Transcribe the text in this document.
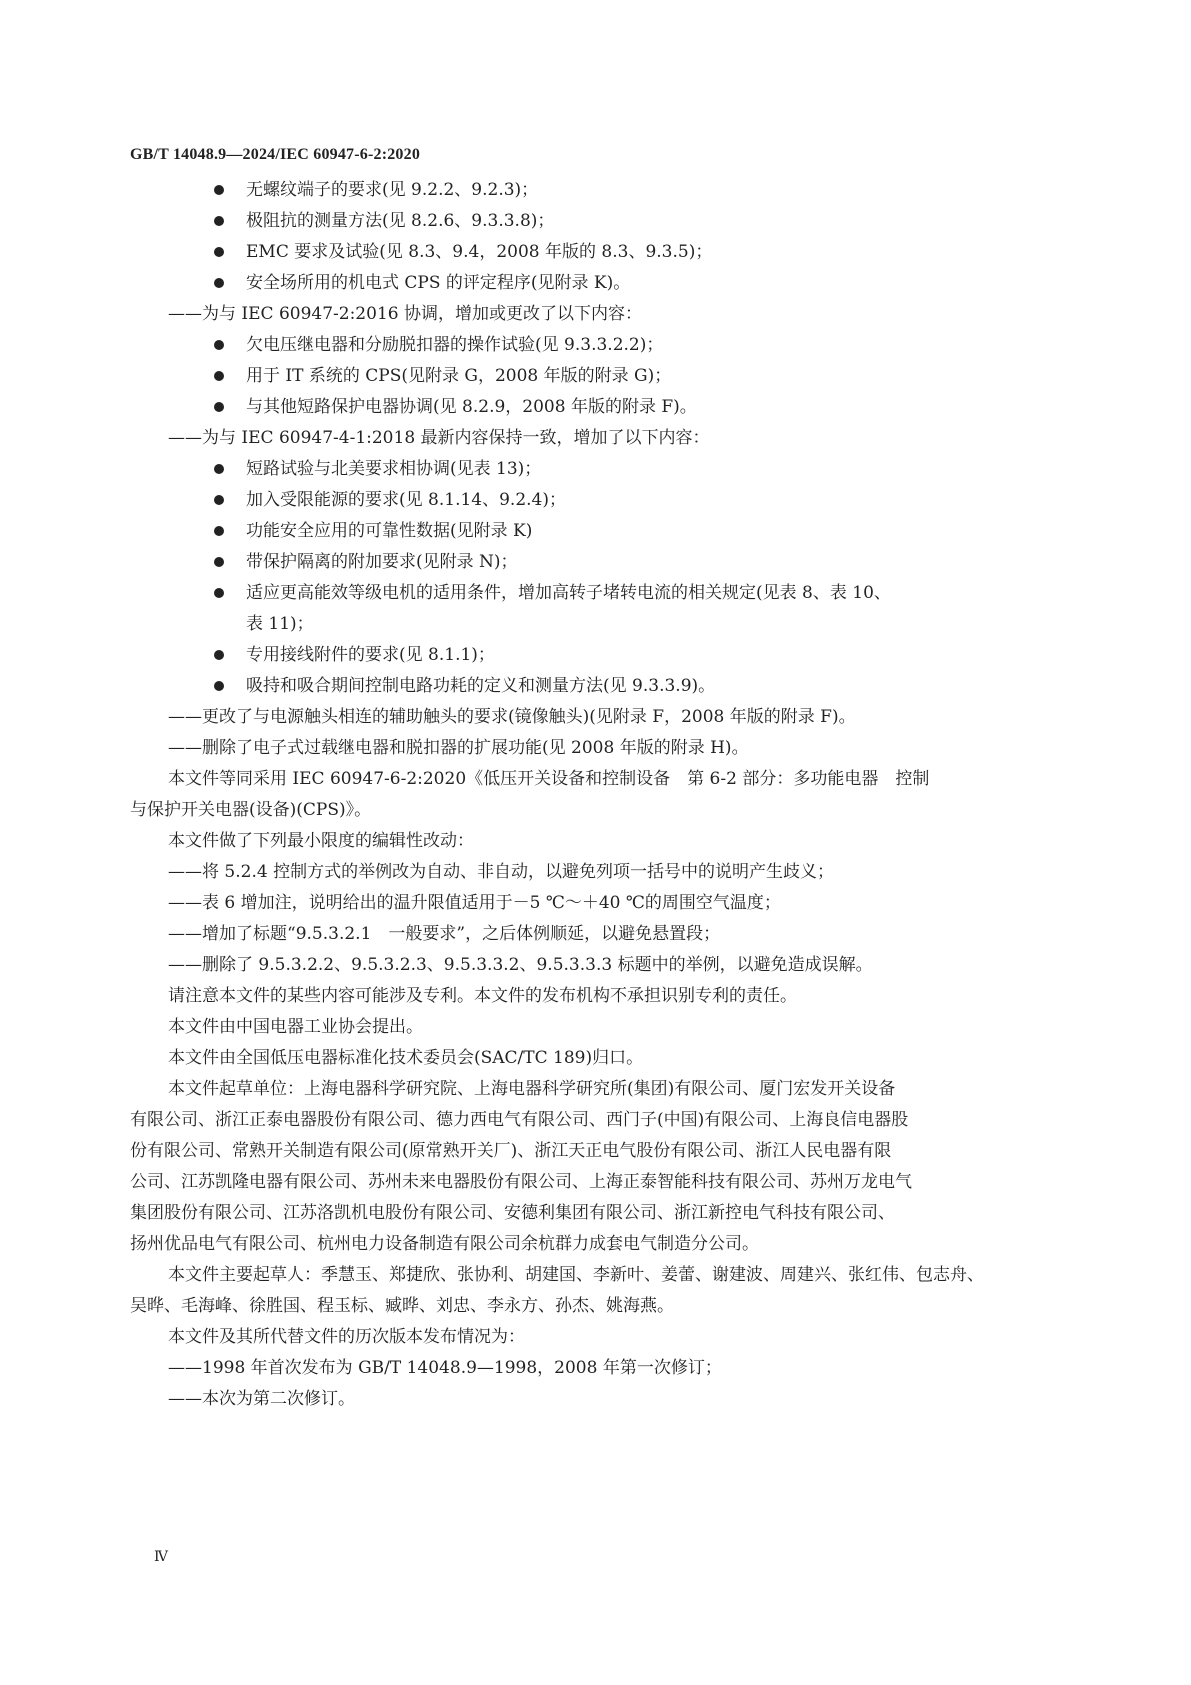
GB/T 14048.9—2024/IEC 60947-6-2:2020
无螺纹端子的要求(见 9.2.2、9.2.3)；
极阻抗的测量方法(见 8.2.6、9.3.3.8)；
EMC 要求及试验(见 8.3、9.4，2008 年版的 8.3、9.3.5)；
安全场所用的机电式 CPS 的评定程序(见附录 K)。
——为与 IEC 60947-2:2016 协调，增加或更改了以下内容：
欠电压继电器和分励脱扣器的操作试验(见 9.3.3.2.2)；
用于 IT 系统的 CPS(见附录 G，2008 年版的附录 G)；
与其他短路保护电器协调(见 8.2.9，2008 年版的附录 F)。
——为与 IEC 60947-4-1:2018 最新内容保持一致，增加了以下内容：
短路试验与北美要求相协调(见表 13)；
加入受限能源的要求(见 8.1.14、9.2.4)；
功能安全应用的可靠性数据(见附录 K)
带保护隔离的附加要求(见附录 N)；
适应更高能效等级电机的适用条件，增加高转子堵转电流的相关规定(见表 8、表 10、
表 11)；
专用接线附件的要求(见 8.1.1)；
吸持和吸合期间控制电路功耗的定义和测量方法(见 9.3.3.9)。
——更改了与电源触头相连的辅助触头的要求(镜像触头)(见附录 F，2008 年版的附录 F)。
——删除了电子式过载继电器和脱扣器的扩展功能(见 2008 年版的附录 H)。
本文件等同采用 IEC 60947-6-2:2020《低压开关设备和控制设备　第 6-2 部分：多功能电器　控制
与保护开关电器(设备)(CPS)》。
本文件做了下列最小限度的编辑性改动：
——将 5.2.4 控制方式的举例改为自动、非自动，以避免列项一括号中的说明产生歧义；
——表 6 增加注，说明给出的温升限值适用于－5 ℃～＋40 ℃的周围空气温度；
——增加了标题“9.5.3.2.1　一般要求”，之后体例顺延，以避免悬置段；
——删除了 9.5.3.2.2、9.5.3.2.3、9.5.3.3.2、9.5.3.3.3 标题中的举例，以避免造成误解。
请注意本文件的某些内容可能涉及专利。本文件的发布机构不承担识别专利的责任。
本文件由中国电器工业协会提出。
本文件由全国低压电器标准化技术委员会(SAC/TC 189)归口。
本文件起草单位：上海电器科学研究院、上海电器科学研究所(集团)有限公司、厦门宏发开关设备
有限公司、浙江正泰电器股份有限公司、德力西电气有限公司、西门子(中国)有限公司、上海良信电器股
份有限公司、常熟开关制造有限公司(原常熟开关厂)、浙江天正电气股份有限公司、浙江人民电器有限
公司、江苏凯隆电器有限公司、苏州未来电器股份有限公司、上海正泰智能科技有限公司、苏州万龙电气
集团股份有限公司、江苏洛凯机电股份有限公司、安德利集团有限公司、浙江新控电气科技有限公司、
扬州优品电气有限公司、杭州电力设备制造有限公司余杭群力成套电气制造分公司。
本文件主要起草人：季慧玉、郑捷欣、张协利、胡建国、李新叶、姜蕾、谢建波、周建兴、张红伟、包志舟、
吴晔、毛海峰、徐胜国、程玉标、臧晔、刘忠、李永方、孙杰、姚海燕。
本文件及其所代替文件的历次版本发布情况为：
——1998 年首次发布为 GB/T 14048.9—1998，2008 年第一次修订；
——本次为第二次修订。
Ⅳ
